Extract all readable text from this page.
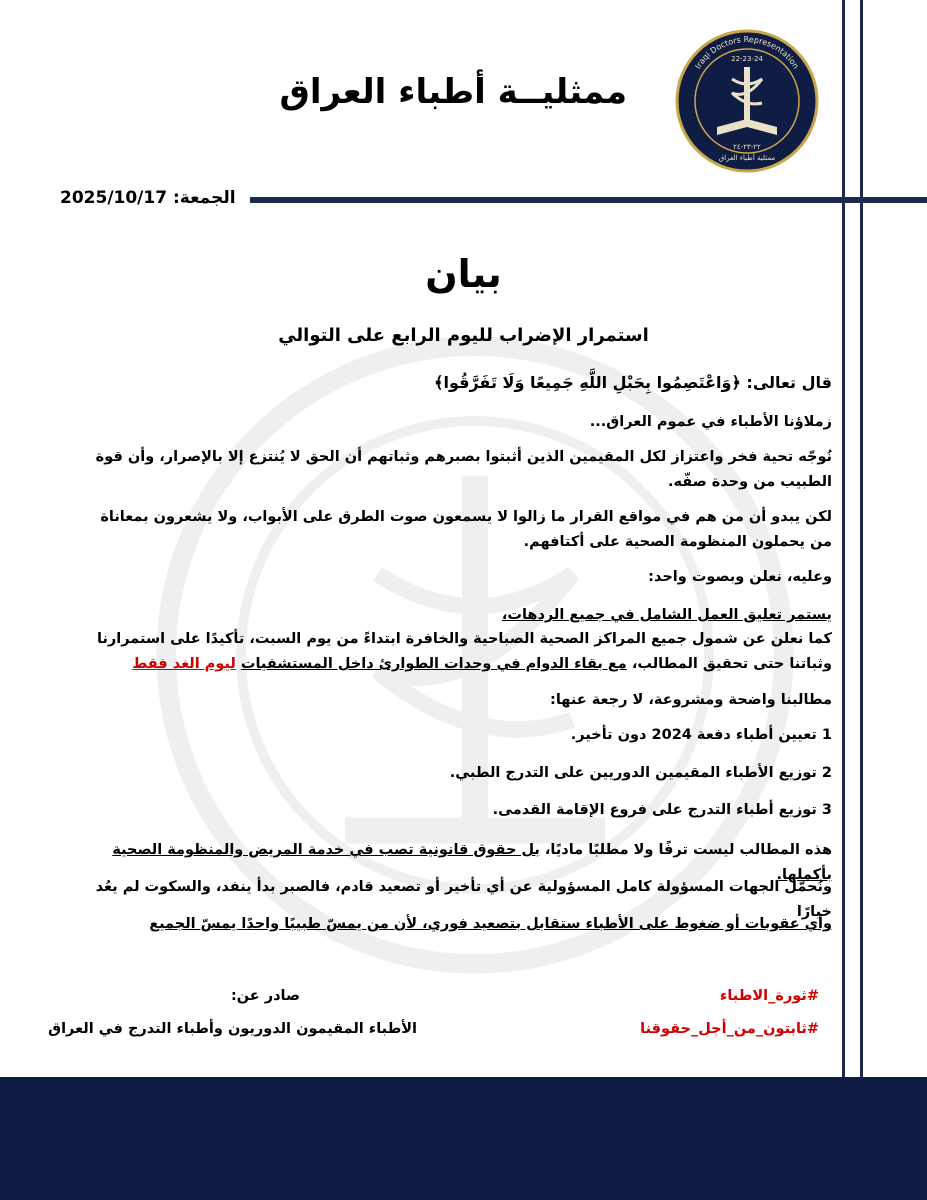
Iraqi Doctors Representation
22-23-24
٢٢-٢٣-٢٤
ممثلية أطباء العراق
ممثليــة أطباء العراق
2025/10/17 الجمعة:
بيان
استمرار الإضراب لليوم الرابع على التوالي
قال تعالى: ﴿وَاعْتَصِمُوا بِحَبْلِ اللَّهِ جَمِيعًا وَلَا تَفَرَّقُوا﴾
زملاؤنا الأطباء في عموم العراق...
نُوجّه تحية فخر واعتزاز لكل المقيمين الذين أثبتوا بصبرهم وثباتهم أن الحق لا يُنتزع إلا بالإصرار، وأن قوة الطبيب من وحدة صفّه.
لكن يبدو أن من هم في مواقع القرار ما زالوا لا يسمعون صوت الطرق على الأبواب، ولا يشعرون بمعاناة من يحملون المنظومة الصحية على أكتافهم.
وعليه، نعلن وبصوت واحد:
يستمر تعليق العمل الشامل في جميع الردهات،
كما نعلن عن شمول جميع المراكز الصحية الصباحية والخافرة ابتداءً من يوم السبت، تأكيدًا على استمرارنا وثباتنا حتى تحقيق المطالب، مع بقاء الدوام في وحدات الطوارئ داخل المستشفيات ليوم الغد فقط
مطالبنا واضحة ومشروعة، لا رجعة عنها:
1 تعيين أطباء دفعة 2024 دون تأخير.
2 توزيع الأطباء المقيمين الدوريين على التدرج الطبي.
3 توزيع أطباء التدرج على فروع الإقامة القدمى.
هذه المطالب ليست ترفًا ولا مطلبًا ماديًا، بل حقوق قانونية تصب في خدمة المريض والمنظومة الصحية بأكملها.
ونُحمّل الجهات المسؤولة كامل المسؤولية عن أي تأخير أو تصعيد قادم، فالصبر بدأ ينفد، والسكوت لم يعُد خيارًا
وأي عقوبات أو ضغوط على الأطباء ستقابل بتصعيد فوري، لأن من يمسّ طبيبًا واحدًا يمسّ الجميع
#ثورة_الاطباء
#ثابتون_من_أجل_حقوقنا
صادر عن:
الأطباء المقيمون الدوريون وأطباء التدرج في العراق
